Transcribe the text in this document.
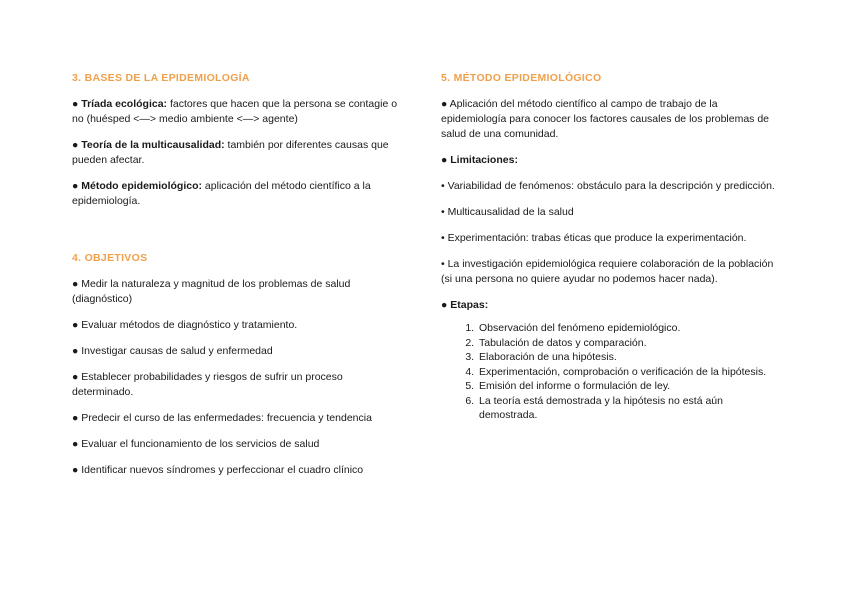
3. BASES DE LA EPIDEMIOLOGÍA

● Tríada ecológica: factores que hacen que la persona se contagie o no (huésped <—> medio ambiente <—> agente)

● Teoría de la multicausalidad: también por diferentes causas que pueden afectar.

● Método epidemiológico: aplicación del método científico a la epidemiología.

4. OBJETIVOS

● Medir la naturaleza y magnitud de los problemas de salud (diagnóstico)

● Evaluar métodos de diagnóstico y tratamiento.

● Investigar causas de salud y enfermedad

● Establecer probabilidades y riesgos de sufrir un proceso determinado.

● Predecir el curso de las enfermedades: frecuencia y tendencia

● Evaluar el funcionamiento de los servicios de salud

● Identificar nuevos síndromes y perfeccionar el cuadro clínico

5. MÉTODO EPIDEMIOLÓGICO

● Aplicación del método científico al campo de trabajo de la epidemiología para conocer los factores causales de los problemas de salud de una comunidad.

● Limitaciones:

• Variabilidad de fenómenos: obstáculo para la descripción y predicción.

• Multicausalidad de la salud

• Experimentación: trabas éticas que produce la experimentación.

• La investigación epidemiológica requiere colaboración de la población (si una persona no quiere ayudar no podemos hacer nada).

● Etapas:

1. Observación del fenómeno epidemiológico.
2. Tabulación de datos y comparación.
3. Elaboración de una hipótesis.
4. Experimentación, comprobación o verificación de la hipótesis.
5. Emisión del informe o formulación de ley.
6. La teoría está demostrada y la hipótesis no está aún demostrada.
